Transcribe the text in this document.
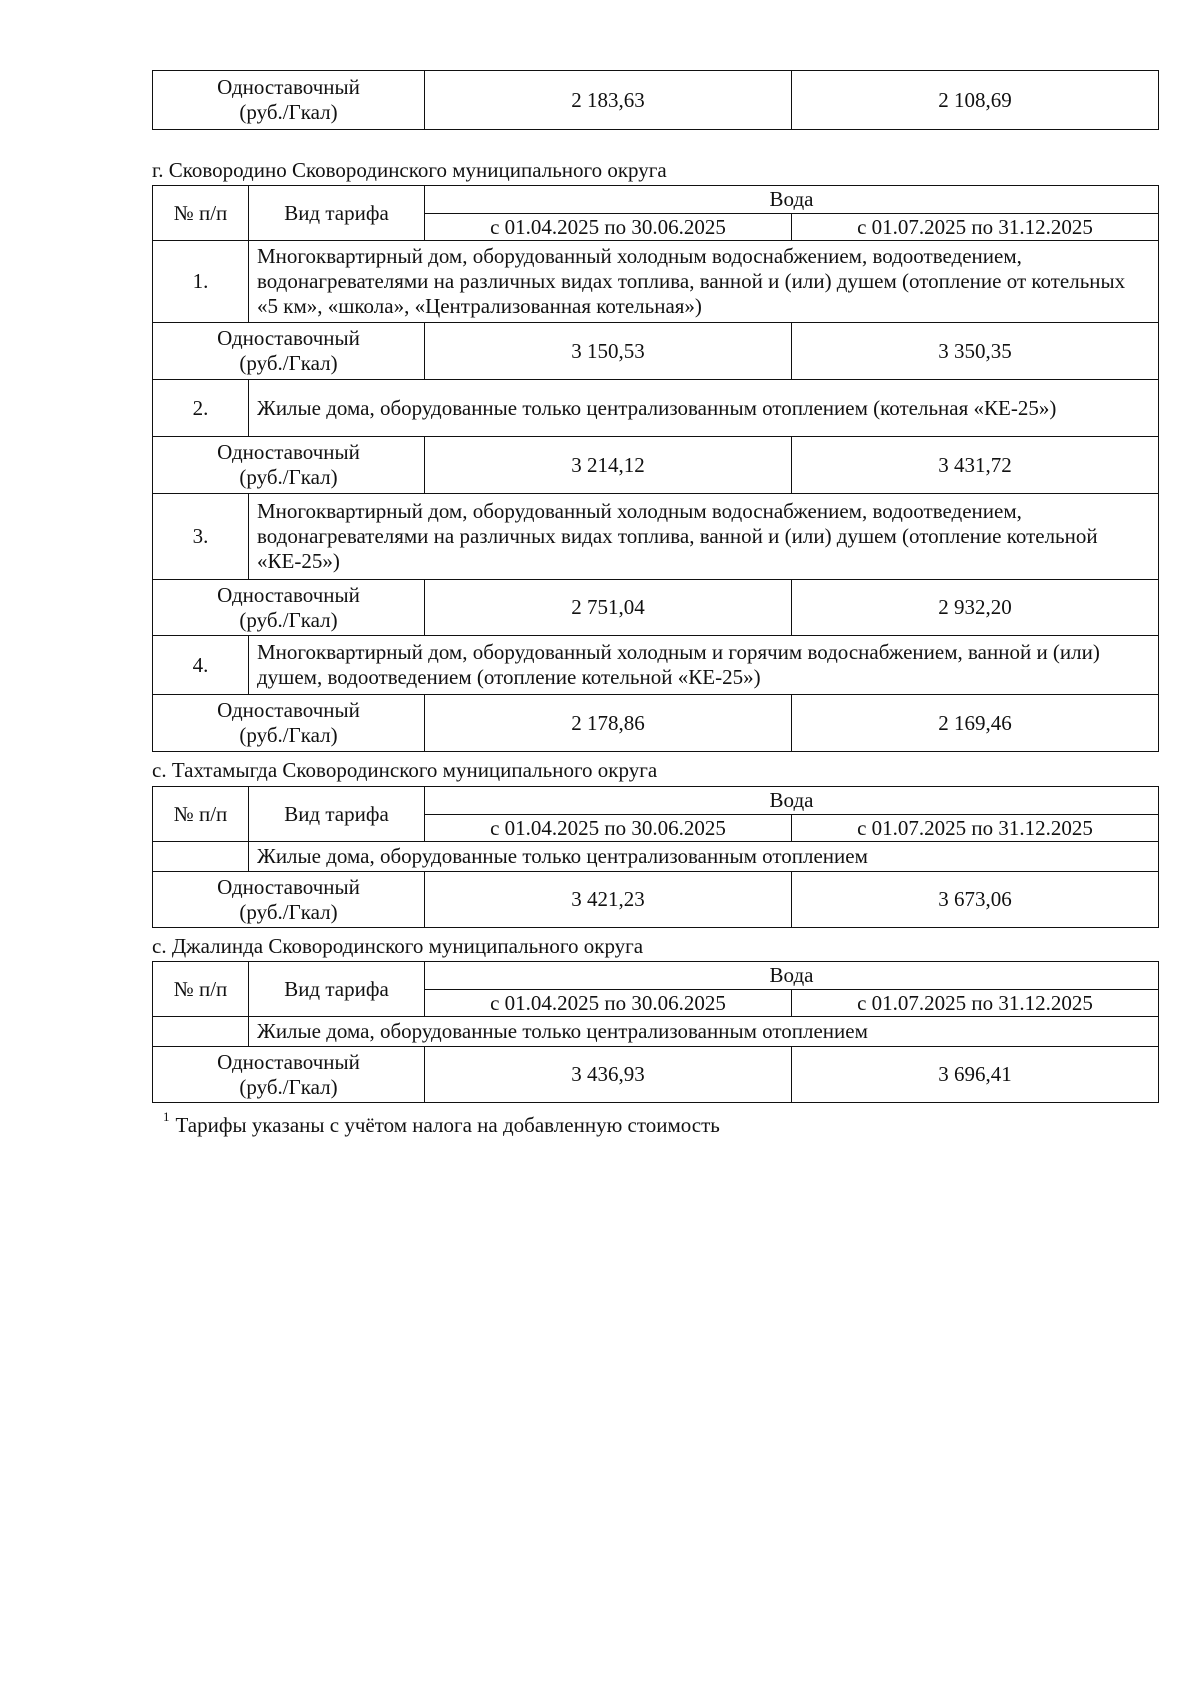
Одноставочный
(руб./Гкал)	2 183,63	2 108,69
г. Сковородино Сковородинского муниципального округа
№ п/п	Вид тарифа	Вода	
		с 01.04.2025 по 30.06.2025	с 01.07.2025 по 31.12.2025
1.	Многоквартирный дом, оборудованный холодным водоснабжением, водоотведением, водонагревателями на различных видах топлива, ванной и (или) душем (отопление от котельных «5 км», «школа», «Централизованная котельная»)		
Одноставочный
(руб./Гкал)		3 150,53	3 350,35
2.	Жилые дома, оборудованные только централизованным отоплением (котельная «КЕ-25»)		
Одноставочный
(руб./Гкал)		3 214,12	3 431,72
3.	Многоквартирный дом, оборудованный холодным водоснабжением, водоотведением, водонагревателями на различных видах топлива, ванной и (или) душем (отопление котельной «КЕ-25»)		
Одноставочный
(руб./Гкал)		2 751,04	2 932,20
4.	Многоквартирный дом, оборудованный холодным и горячим водоснабжением, ванной и (или) душем, водоотведением (отопление котельной «КЕ-25»)		
Одноставочный
(руб./Гкал)		2 178,86	2 169,46
с. Тахтамыгда Сковородинского муниципального округа
№ п/п	Вид тарифа	Вода	
		с 01.04.2025 по 30.06.2025	с 01.07.2025 по 31.12.2025
	Жилые дома, оборудованные только централизованным отоплением		
Одноставочный
(руб./Гкал)		3 421,23	3 673,06
с. Джалинда Сковородинского муниципального округа
№ п/п	Вид тарифа	Вода	
		с 01.04.2025 по 30.06.2025	с 01.07.2025 по 31.12.2025
	Жилые дома, оборудованные только централизованным отоплением		
Одноставочный
(руб./Гкал)		3 436,93	3 696,41
$^1$ Тарифы указаны с учётом налога на добавленную стоимость
